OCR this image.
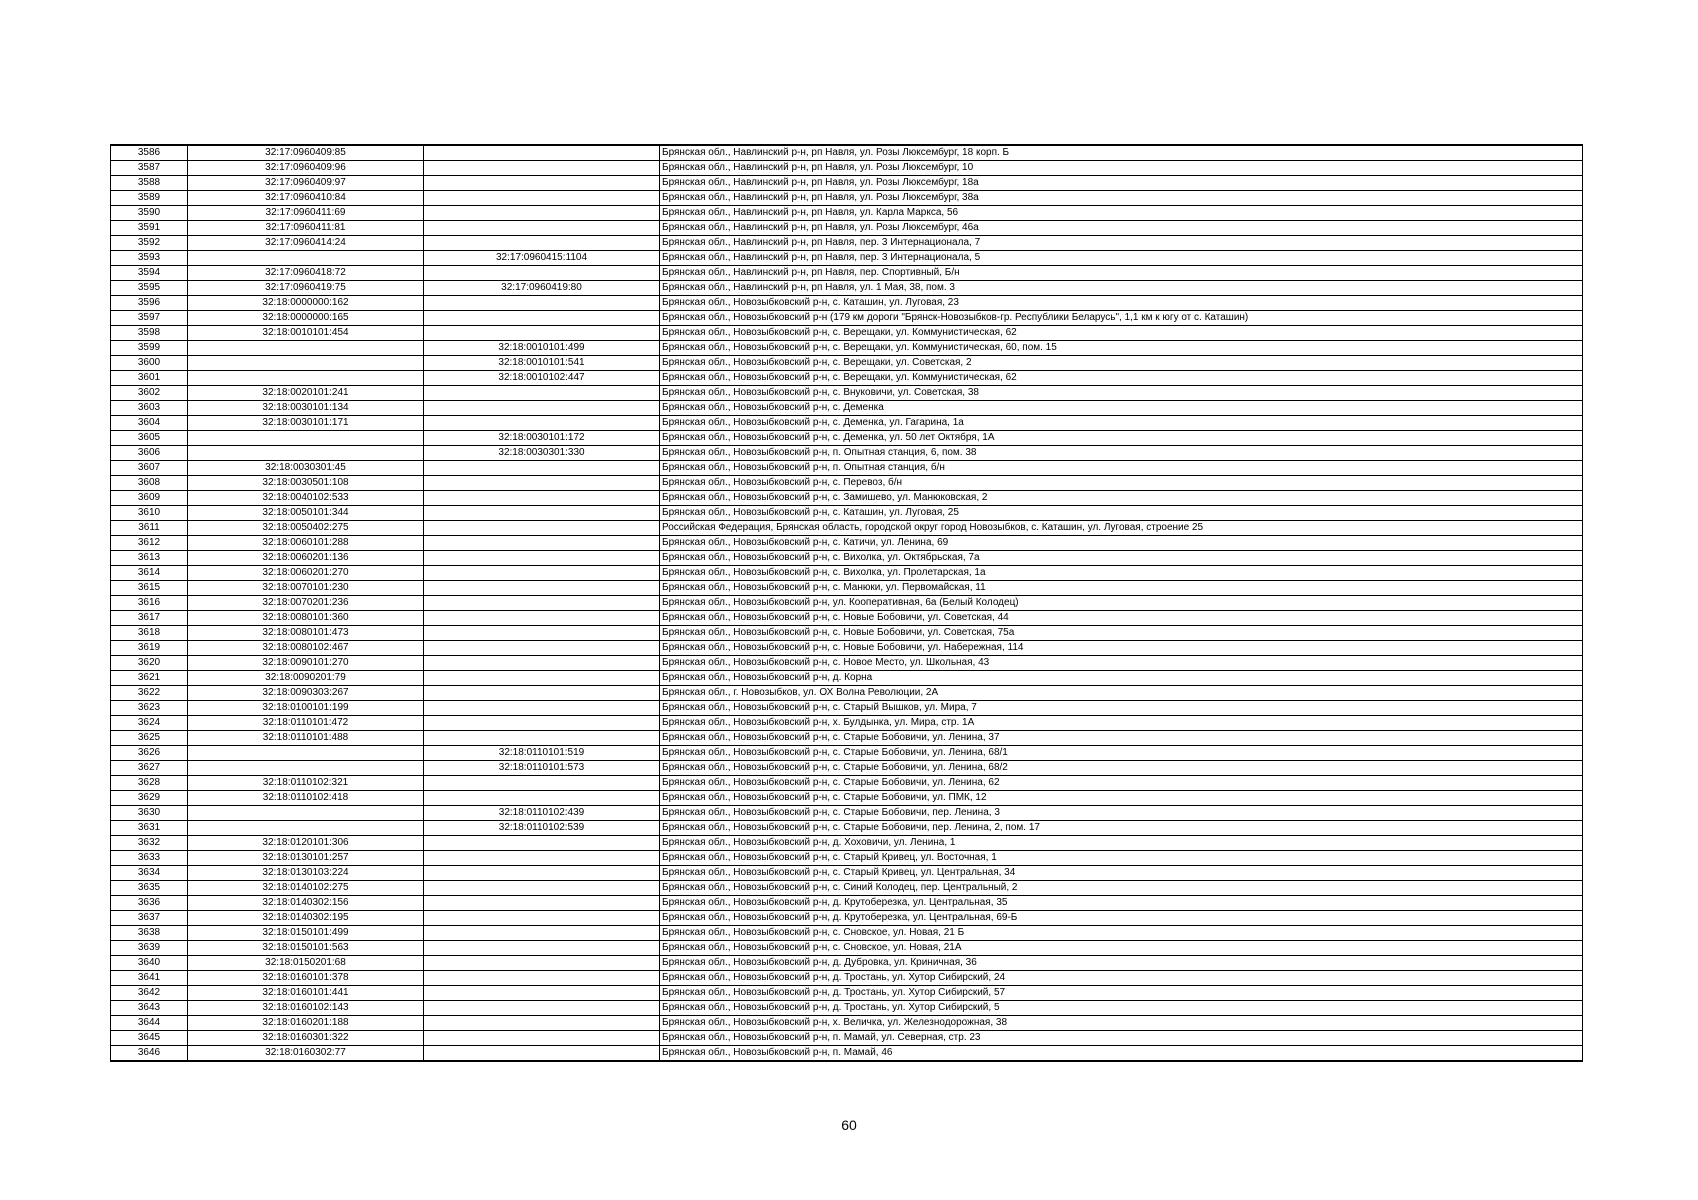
3586	32:17:0960409:85		Брянская обл., Навлинский р-н, рп Навля, ул. Розы Люксембург, 18 корп. Б
3587	32:17:0960409:96		Брянская обл., Навлинский р-н, рп Навля, ул. Розы Люксембург, 10
3588	32:17:0960409:97		Брянская обл., Навлинский р-н, рп Навля, ул. Розы Люксембург, 18а
3589	32:17:0960410:84		Брянская обл., Навлинский р-н, рп Навля, ул. Розы Люксембург, 38а
3590	32:17:0960411:69		Брянская обл., Навлинский р-н, рп Навля, ул. Карла Маркса, 56
3591	32:17:0960411:81		Брянская обл., Навлинский р-н, рп Навля, ул. Розы Люксембург, 46а
3592	32:17:0960414:24		Брянская обл., Навлинский р-н, рп Навля, пер. 3 Интернационала, 7
3593		32:17:0960415:1104	Брянская обл., Навлинский р-н, рп Навля, пер. 3 Интернационала, 5
3594	32:17:0960418:72		Брянская обл., Навлинский р-н, рп Навля, пер. Спортивный, Б/н
3595	32:17:0960419:75	32:17:0960419:80	Брянская обл., Навлинский р-н, рп Навля, ул. 1 Мая, 38, пом. 3
3596	32:18:0000000:162		Брянская обл., Новозыбковский р-н, с. Каташин, ул. Луговая, 23
3597	32:18:0000000:165		Брянская обл., Новозыбковский р-н (179 км дороги "Брянск-Новозыбков-гр. Республики Беларусь", 1,1 км к югу от с. Каташин)
3598	32:18:0010101:454		Брянская обл., Новозыбковский р-н, с. Верещаки, ул. Коммунистическая, 62
3599		32:18:0010101:499	Брянская обл., Новозыбковский р-н, с. Верещаки, ул. Коммунистическая, 60, пом. 15
3600		32:18:0010101:541	Брянская обл., Новозыбковский р-н, с. Верещаки, ул. Советская, 2
3601		32:18:0010102:447	Брянская обл., Новозыбковский р-н, с. Верещаки, ул. Коммунистическая, 62
3602	32:18:0020101:241		Брянская обл., Новозыбковский р-н, с. Внуковичи, ул. Советская, 38
3603	32:18:0030101:134		Брянская обл., Новозыбковский р-н, с. Деменка
3604	32:18:0030101:171		Брянская обл., Новозыбковский р-н, с. Деменка, ул. Гагарина, 1а
3605		32:18:0030101:172	Брянская обл., Новозыбковский р-н, с. Деменка, ул. 50 лет Октября, 1А
3606		32:18:0030301:330	Брянская обл., Новозыбковский р-н, п. Опытная станция, 6, пом. 38
3607	32:18:0030301:45		Брянская обл., Новозыбковский р-н, п. Опытная станция, б/н
3608	32:18:0030501:108		Брянская обл., Новозыбковский р-н, с. Перевоз, б/н
3609	32:18:0040102:533		Брянская обл., Новозыбковский р-н, с. Замишево, ул. Манюковская, 2
3610	32:18:0050101:344		Брянская обл., Новозыбковский р-н, с. Каташин, ул. Луговая, 25
3611	32:18:0050402:275		Российская Федерация, Брянская область, городской округ город Новозыбков, с. Каташин, ул. Луговая, строение 25
3612	32:18:0060101:288		Брянская обл., Новозыбковский р-н, с. Катичи, ул. Ленина, 69
3613	32:18:0060201:136		Брянская обл., Новозыбковский р-н, с. Вихолка, ул. Октябрьская, 7а
3614	32:18:0060201:270		Брянская обл., Новозыбковский р-н, с. Вихолка, ул. Пролетарская, 1а
3615	32:18:0070101:230		Брянская обл., Новозыбковский р-н, с. Манюки, ул. Первомайская, 11
3616	32:18:0070201:236		Брянская обл., Новозыбковский р-н, ул. Кооперативная, 6а (Белый Колодец)
3617	32:18:0080101:360		Брянская обл., Новозыбковский р-н, с. Новые Бобовичи, ул. Советская, 44
3618	32:18:0080101:473		Брянская обл., Новозыбковский р-н, с. Новые Бобовичи, ул. Советская, 75а
3619	32:18:0080102:467		Брянская обл., Новозыбковский р-н, с. Новые Бобовичи, ул. Набережная, 114
3620	32:18:0090101:270		Брянская обл., Новозыбковский р-н, с. Новое Место, ул. Школьная, 43
3621	32:18:0090201:79		Брянская обл., Новозыбковский р-н, д. Корна
3622	32:18:0090303:267		Брянская обл., г. Новозыбков, ул. ОХ Волна Революции, 2А
3623	32:18:0100101:199		Брянская обл., Новозыбковский р-н, с. Старый Вышков, ул. Мира, 7
3624	32:18:0110101:472		Брянская обл., Новозыбковский р-н, х. Булдынка, ул. Мира, стр. 1А
3625	32:18:0110101:488		Брянская обл., Новозыбковский р-н, с. Старые Бобовичи, ул. Ленина, 37
3626		32:18:0110101:519	Брянская обл., Новозыбковский р-н, с. Старые Бобовичи, ул. Ленина, 68/1
3627		32:18:0110101:573	Брянская обл., Новозыбковский р-н, с. Старые Бобовичи, ул. Ленина, 68/2
3628	32:18:0110102:321		Брянская обл., Новозыбковский р-н, с. Старые Бобовичи, ул. Ленина, 62
3629	32:18:0110102:418		Брянская обл., Новозыбковский р-н, с. Старые Бобовичи, ул. ПМК, 12
3630		32:18:0110102:439	Брянская обл., Новозыбковский р-н, с. Старые Бобовичи, пер. Ленина, 3
3631		32:18:0110102:539	Брянская обл., Новозыбковский р-н, с. Старые Бобовичи, пер. Ленина, 2, пом. 17
3632	32:18:0120101:306		Брянская обл., Новозыбковский р-н, д. Хоховичи, ул. Ленина, 1
3633	32:18:0130101:257		Брянская обл., Новозыбковский р-н, с. Старый Кривец, ул. Восточная, 1
3634	32:18:0130103:224		Брянская обл., Новозыбковский р-н, с. Старый Кривец, ул. Центральная, 34
3635	32:18:0140102:275		Брянская обл., Новозыбковский р-н, с. Синий Колодец, пер. Центральный, 2
3636	32:18:0140302:156		Брянская обл., Новозыбковский р-н, д. Крутоберезка, ул. Центральная, 35
3637	32:18:0140302:195		Брянская обл., Новозыбковский р-н, д. Крутоберезка, ул. Центральная, 69-Б
3638	32:18:0150101:499		Брянская обл., Новозыбковский р-н, с. Сновское, ул. Новая, 21 Б
3639	32:18:0150101:563		Брянская обл., Новозыбковский р-н, с. Сновское, ул. Новая, 21А
3640	32:18:0150201:68		Брянская обл., Новозыбковский р-н, д. Дубровка, ул. Криничная, 36
3641	32:18:0160101:378		Брянская обл., Новозыбковский р-н, д. Тростань, ул. Хутор Сибирский, 24
3642	32:18:0160101:441		Брянская обл., Новозыбковский р-н, д. Тростань, ул. Хутор Сибирский, 57
3643	32:18:0160102:143		Брянская обл., Новозыбковский р-н, д. Тростань, ул. Хутор Сибирский, 5
3644	32:18:0160201:188		Брянская обл., Новозыбковский р-н, х. Величка, ул. Железнодорожная, 38
3645	32:18:0160301:322		Брянская обл., Новозыбковский р-н, п. Мамай, ул. Северная, стр. 23
3646	32:18:0160302:77		Брянская обл., Новозыбковский р-н, п. Мамай, 46
60
